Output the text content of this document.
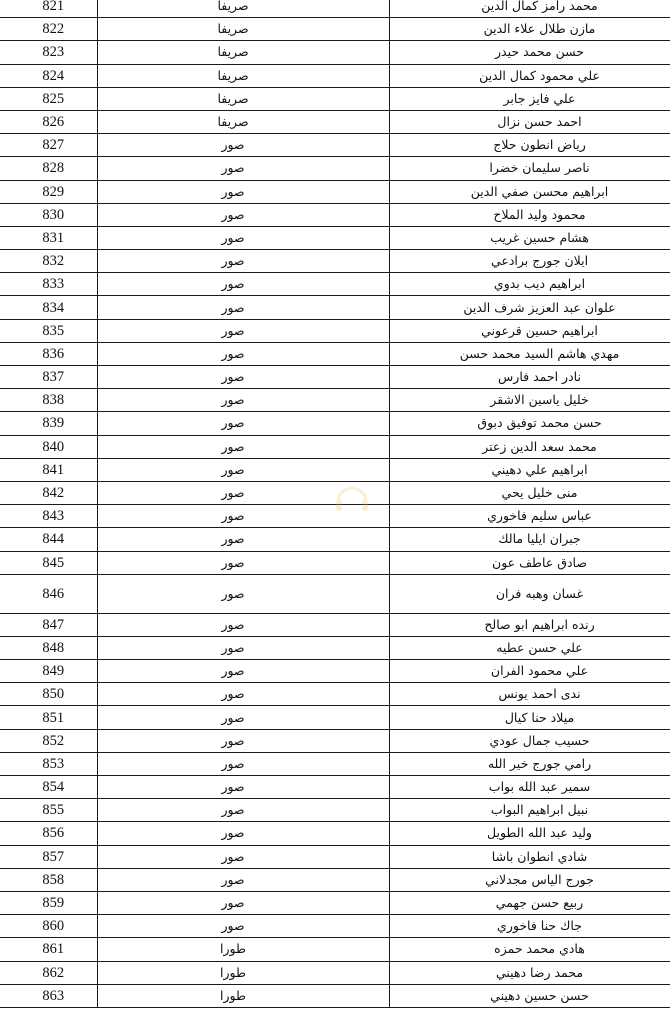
821	صريفا	محمد رامز كمال الدين
822	صريفا	مازن طلال علاء الدين
823	صريفا	حسن محمد حيدر
824	صريفا	علي محمود كمال الدين
825	صريفا	علي فايز جابر
826	صريفا	احمد حسن نزال
827	صور	رياض انطون حلاج
828	صور	ناصر سليمان خضرا
829	صور	ابراهيم محسن صفي الدين
830	صور	محمود وليد الملاح
831	صور	هشام حسين غريب
832	صور	ايلان جورج برادعي
833	صور	ابراهيم ديب بدوي
834	صور	علوان عبد العزيز شرف الدين
835	صور	ابراهيم حسين قرعوني
836	صور	مهدي هاشم السيد محمد حسن
837	صور	نادر احمد فارس
838	صور	خليل ياسين الاشقر
839	صور	حسن محمد توفيق دبوق
840	صور	محمد سعد الدين زعتر
841	صور	ابراهيم علي دهيني
842	صور	منى خليل يحي
843	صور	عباس سليم فاخوري
844	صور	جبران ايليا مالك
845	صور	صادق عاطف عون
846	صور	غسان وهبه فران
847	صور	رنده ابراهيم ابو صالح
848	صور	علي حسن عطيه
849	صور	علي محمود الفران
850	صور	ندى احمد يونس
851	صور	ميلاد حنا كيال
852	صور	حسيب جمال عودي
853	صور	رامي جورج خير الله
854	صور	سمير عبد الله بواب
855	صور	نبيل ابراهيم البواب
856	صور	وليد عبد الله الطويل
857	صور	شادي انطوان باشا
858	صور	جورج الياس مجدلاني
859	صور	ربيع حسن جهمي
860	صور	جاك حنا فاخوري
861	طورا	هادي محمد حمزه
862	طورا	محمد رضا دهيني
863	طورا	حسن حسين دهيني
